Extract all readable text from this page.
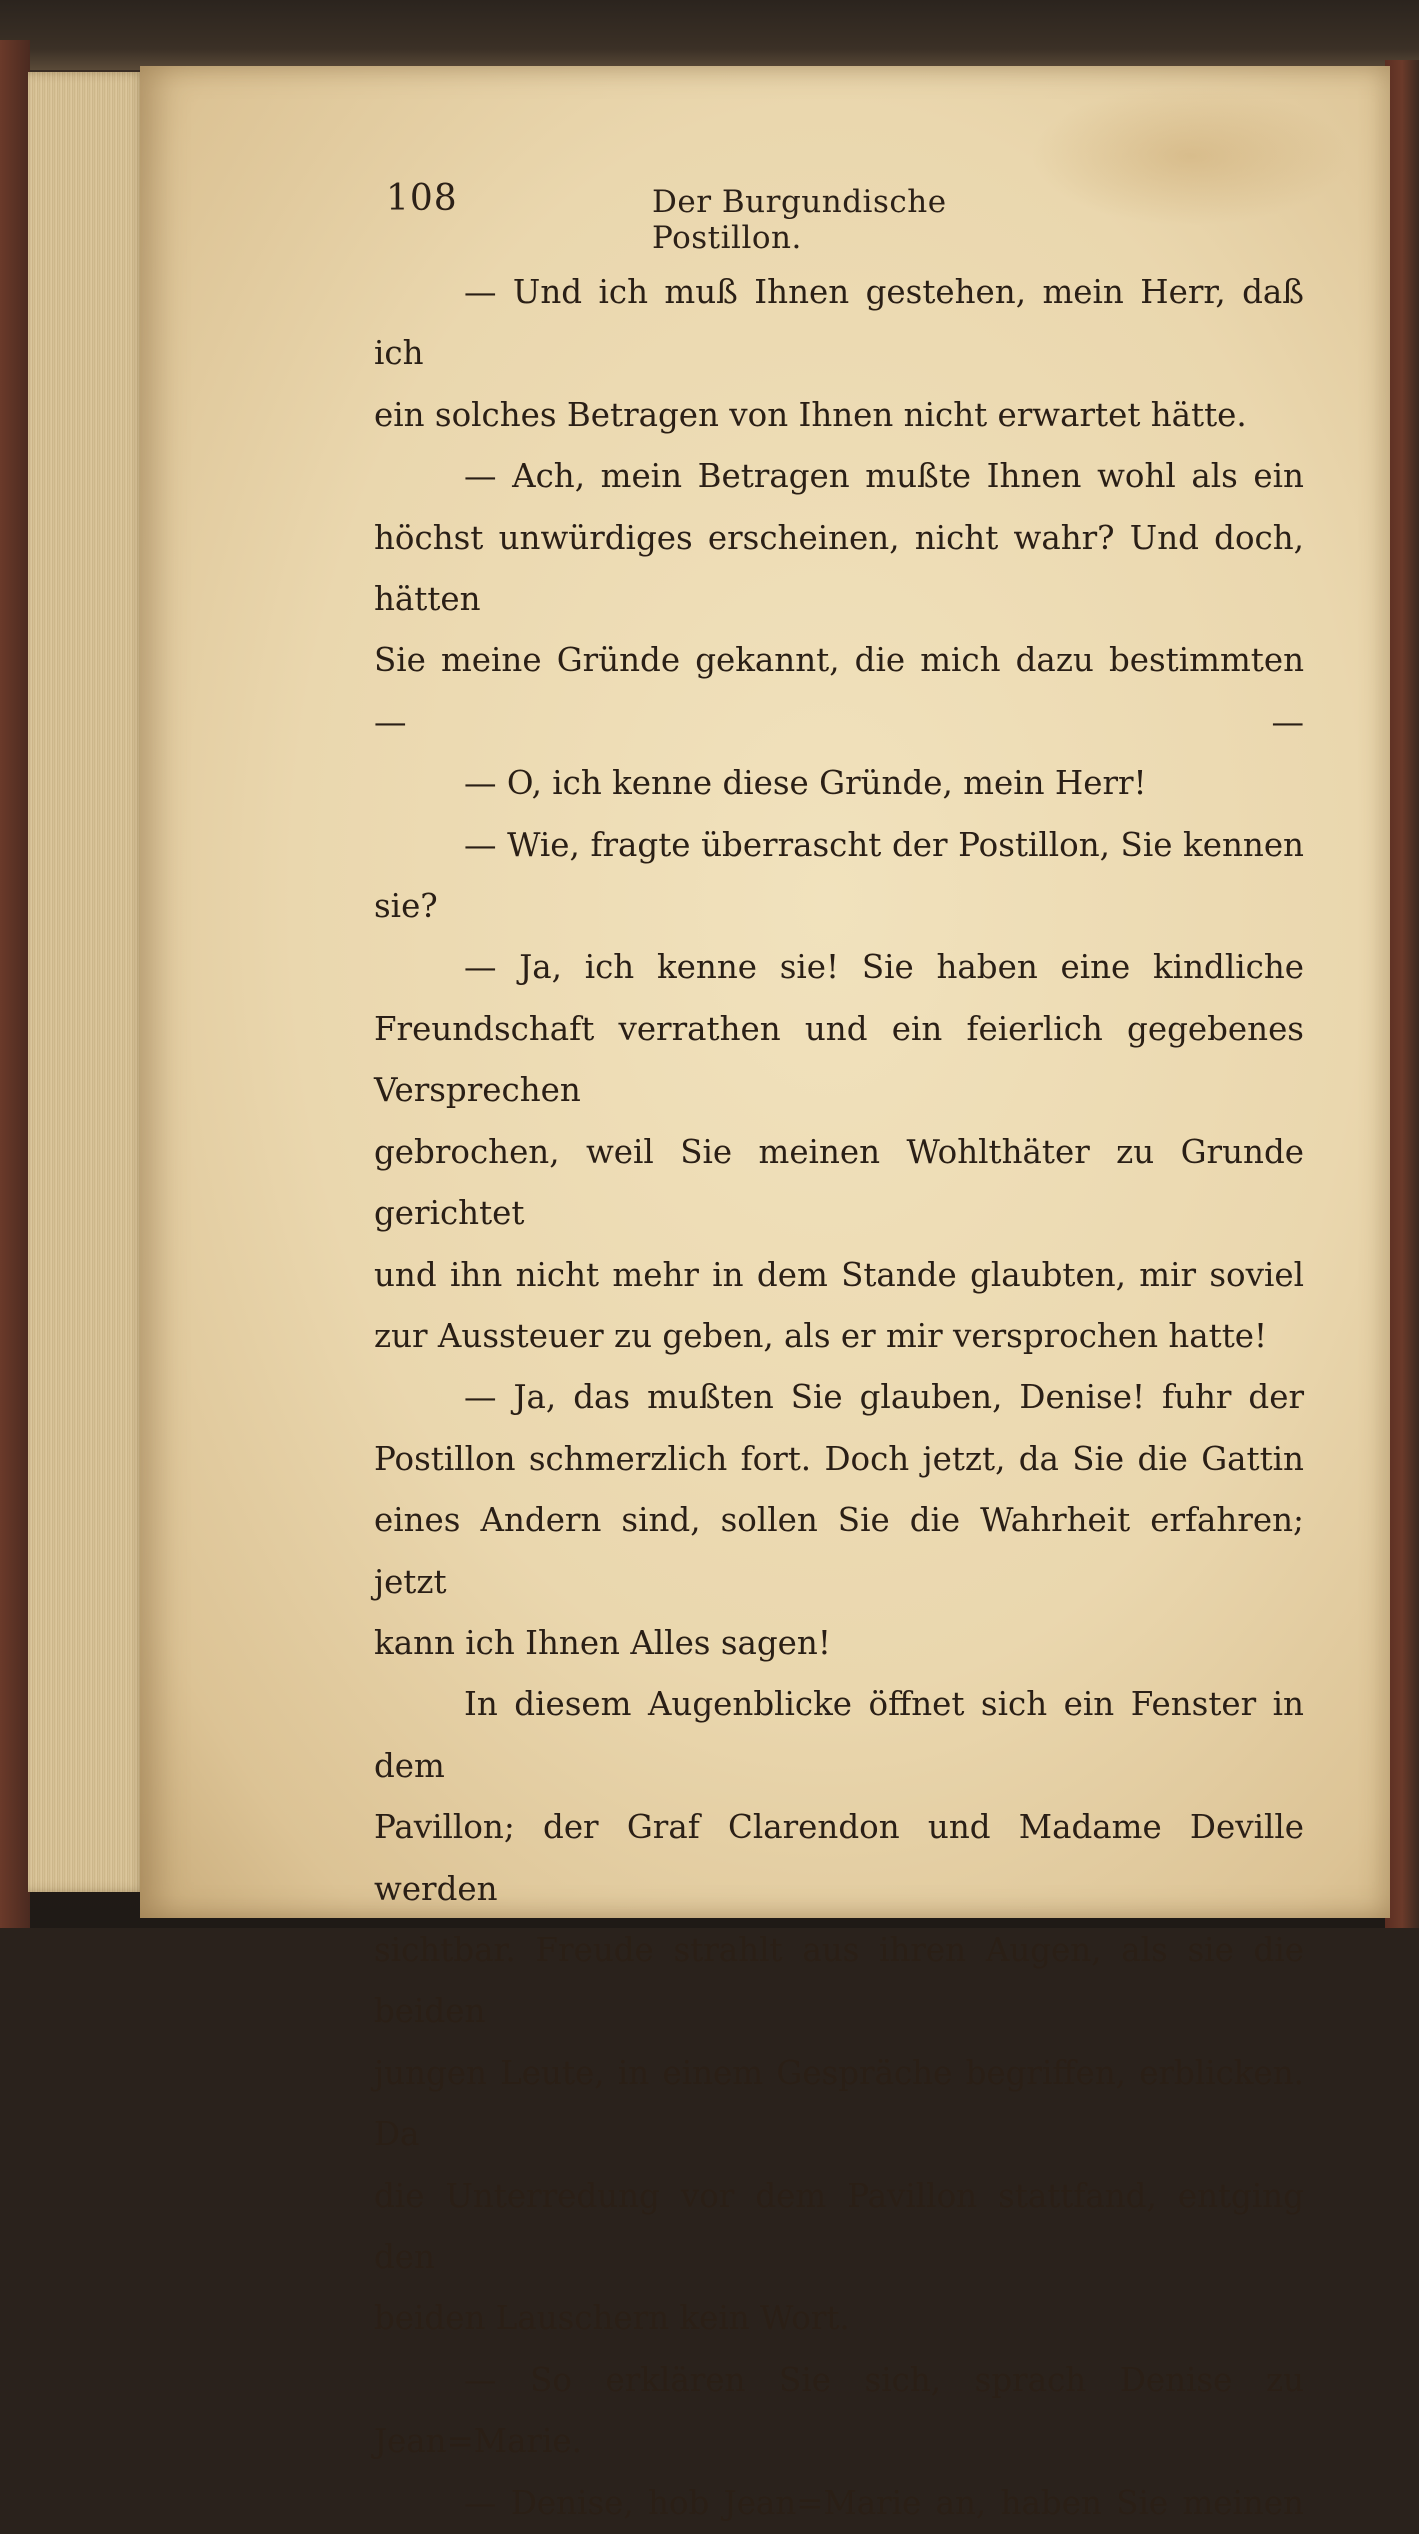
108	Der Burgundische Postillon.

— Und ich muß Ihnen gestehen, mein Herr, daß ich

ein solches Betragen von Ihnen nicht erwartet hätte.

— Ach, mein Betragen mußte Ihnen wohl als ein

höchst unwürdiges erscheinen, nicht wahr? Und doch, hätten

Sie meine Gründe gekannt, die mich dazu bestimmten — —

— O, ich kenne diese Gründe, mein Herr!

— Wie, fragte überrascht der Postillon, Sie kennen sie?

— Ja, ich kenne sie! Sie haben eine kindliche

Freundschaft verrathen und ein feierlich gegebenes Versprechen

gebrochen, weil Sie meinen Wohlthäter zu Grunde gerichtet

und ihn nicht mehr in dem Stande glaubten, mir soviel

zur Aussteuer zu geben, als er mir versprochen hatte!

— Ja, das mußten Sie glauben, Denise! fuhr der

Postillon schmerzlich fort. Doch jetzt, da Sie die Gattin

eines Andern sind, sollen Sie die Wahrheit erfahren; jetzt

kann ich Ihnen Alles sagen!

In diesem Augenblicke öffnet sich ein Fenster in dem

Pavillon; der Graf Clarendon und Madame Deville werden

sichtbar. Freude strahlt aus ihren Augen, als sie die beiden

jungen Leute, in einem Gespräche begriffen, erblicken. Da

die Unterredung vor dem Pavillon stattfand, entging den

beiden Lauschern kein Wort.

— So erklären Sie sich, sprach Denise zu Jean=Marie.

— Denise, hob Jean=Marie an, haben Sie meinen
